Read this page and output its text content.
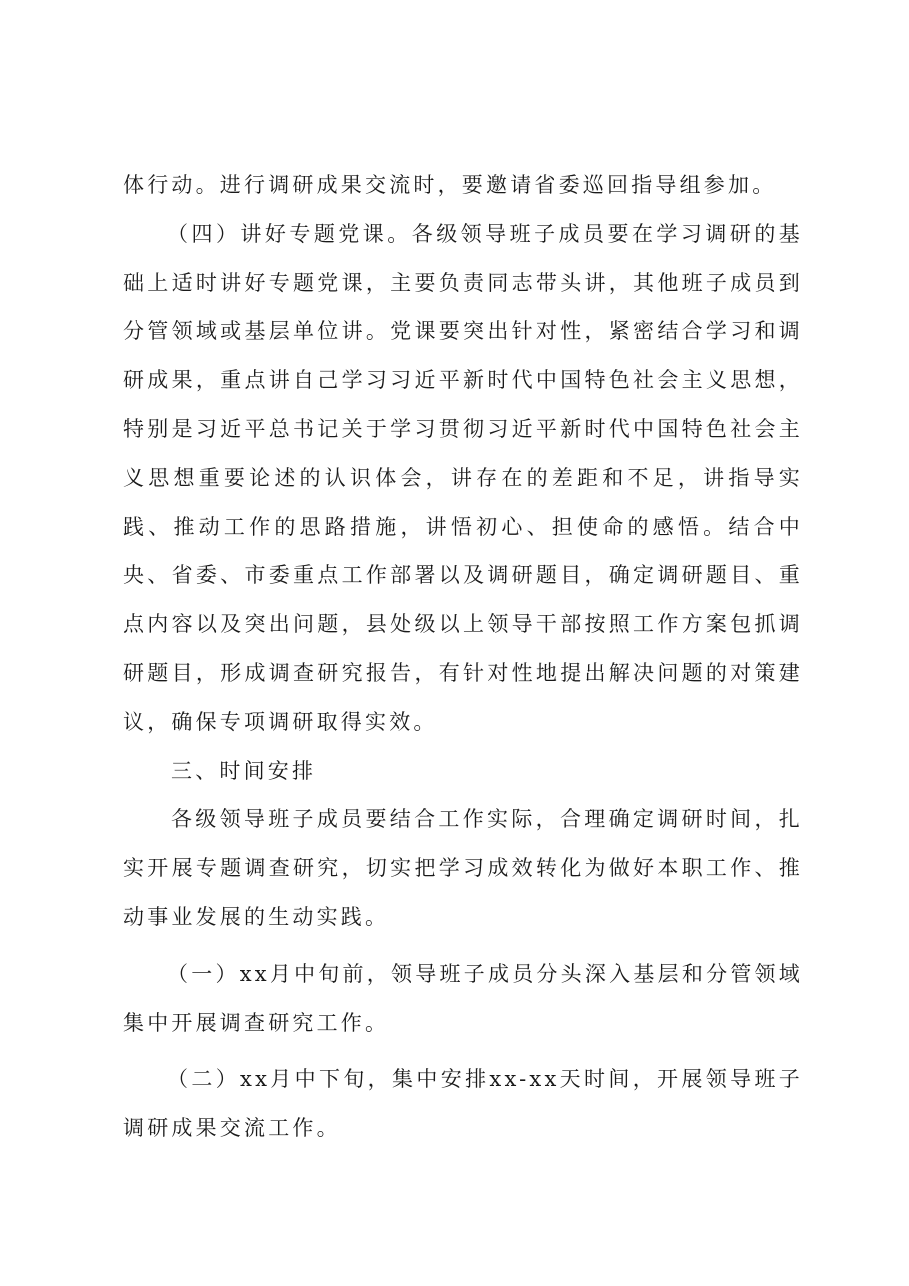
体行动。进行调研成果交流时，要邀请省委巡回指导组参加。

（四）讲好专题党课。各级领导班子成员要在学习调研的基础上适时讲好专题党课，主要负责同志带头讲，其他班子成员到分管领域或基层单位讲。党课要突出针对性，紧密结合学习和调研成果，重点讲自己学习习近平新时代中国特色社会主义思想，特别是习近平总书记关于学习贯彻习近平新时代中国特色社会主义思想重要论述的认识体会，讲存在的差距和不足，讲指导实践、推动工作的思路措施，讲悟初心、担使命的感悟。结合中央、省委、市委重点工作部署以及调研题目，确定调研题目、重点内容以及突出问题，县处级以上领导干部按照工作方案包抓调研题目，形成调查研究报告，有针对性地提出解决问题的对策建议，确保专项调研取得实效。

三、时间安排

各级领导班子成员要结合工作实际，合理确定调研时间，扎实开展专题调查研究，切实把学习成效转化为做好本职工作、推动事业发展的生动实践。

（一）xx月中旬前，领导班子成员分头深入基层和分管领域集中开展调查研究工作。

（二）xx月中下旬，集中安排xx-xx天时间，开展领导班子调研成果交流工作。
